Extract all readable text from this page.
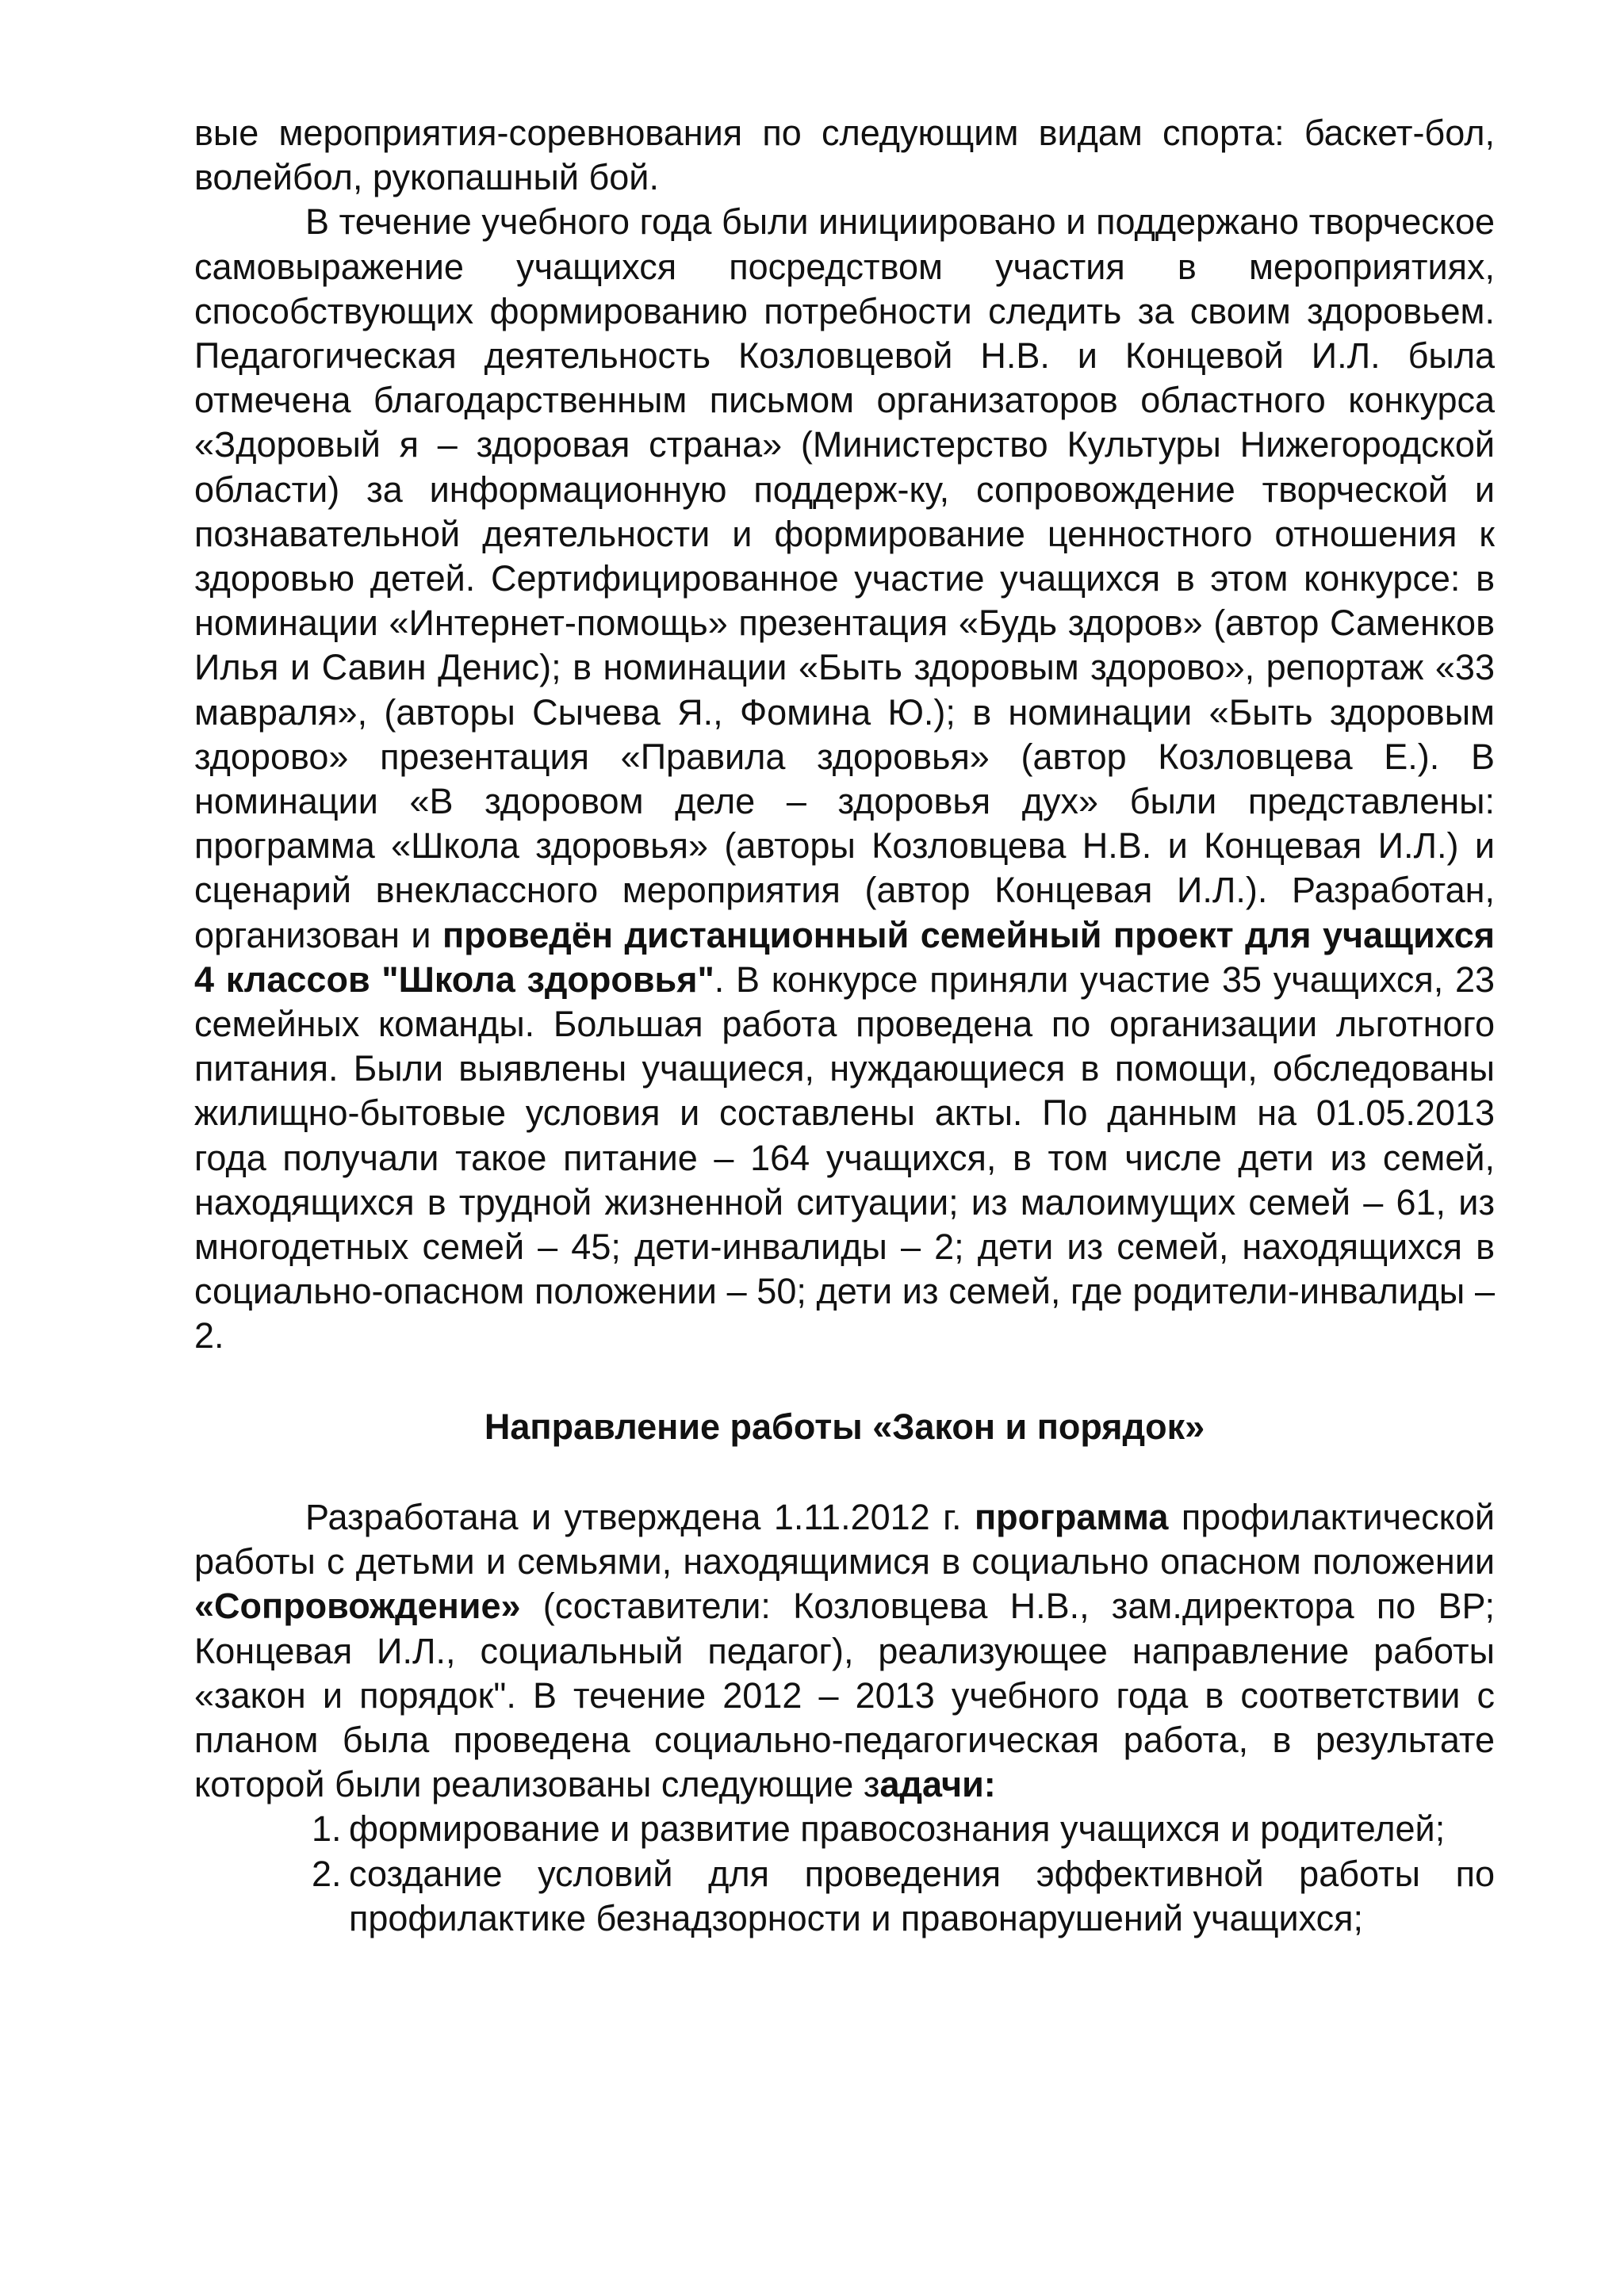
вые мероприятия-соревнования по следующим видам спорта: баскет-бол, волейбол, рукопашный бой.

В течение учебного года были инициировано и поддержано творческое самовыражение учащихся посредством участия в мероприятиях, способствующих формированию потребности следить за своим здоровьем. Педагогическая деятельность Козловцевой Н.В. и Концевой И.Л. была отмечена благодарственным письмом организаторов областного конкурса «Здоровый я – здоровая страна» (Министерство Культуры Нижегородской области) за информационную поддерж-ку, сопровождение творческой и познавательной деятельности и формирование ценностного отношения к здоровью детей. Сертифицированное участие учащихся в этом конкурсе: в номинации «Интернет-помощь» презентация «Будь здоров» (автор Саменков Илья и Савин Денис); в номинации «Быть здоровым здорово», репортаж «33 мавраля», (авторы Сычева Я., Фомина Ю.); в номинации «Быть здоровым здорово» презентация «Правила здоровья» (автор Козловцева Е.). В номинации «В здоровом деле – здоровья дух» были представлены: программа «Школа здоровья» (авторы Козловцева Н.В. и Концевая И.Л.) и сценарий внеклассного мероприятия (автор Концевая И.Л.). Разработан, организован и проведён дистанционный семейный проект для учащихся 4 классов "Школа здоровья". В конкурсе приняли участие 35 учащихся, 23 семейных команды. Большая работа проведена по организации льготного питания. Были выявлены учащиеся, нуждающиеся в помощи, обследованы жилищно-бытовые условия и составлены акты. По данным на 01.05.2013 года получали такое питание – 164 учащихся, в том числе дети из семей, находящихся в трудной жизненной ситуации; из малоимущих семей – 61, из многодетных семей – 45; дети-инвалиды – 2; дети из семей, находящихся в социально-опасном положении – 50; дети из семей, где родители-инвалиды – 2.

Направление работы «Закон и порядок»

Разработана и утверждена 1.11.2012 г. программа профилактической работы с детьми и семьями, находящимися в социально опасном положении «Сопровождение» (составители: Козловцева Н.В., зам.директора по ВР; Концевая И.Л., социальный педагог), реализующее направление работы «закон и порядок". В течение 2012 – 2013 учебного года в соответствии с планом была проведена социально-педагогическая работа, в результате которой были реализованы следующие задачи:

1. формирование и развитие правосознания учащихся и родителей;
2. создание условий для проведения эффективной работы по профилактике безнадзорности и правонарушений учащихся;
